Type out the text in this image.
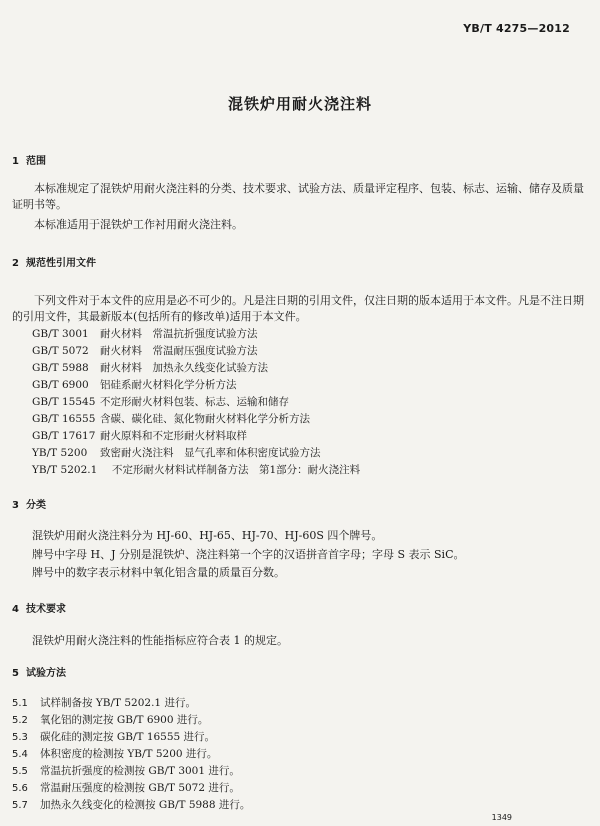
YB/T 4275—2012
混铁炉用耐火浇注料
1 范围
本标准规定了混铁炉用耐火浇注料的分类、技术要求、试验方法、质量评定程序、包装、标志、运输、储存及质量证明书等。
本标准适用于混铁炉工作衬用耐火浇注料。
2 规范性引用文件
下列文件对于本文件的应用是必不可少的。凡是注日期的引用文件，仅注日期的版本适用于本文件。凡是不注日期的引用文件，其最新版本(包括所有的修改单)适用于本文件。
GB/T 3001 耐火材料　常温抗折强度试验方法
GB/T 5072 耐火材料　常温耐压强度试验方法
GB/T 5988 耐火材料　加热永久线变化试验方法
GB/T 6900 铝硅系耐火材料化学分析方法
GB/T 15545 不定形耐火材料包装、标志、运输和储存
GB/T 16555 含碳、碳化硅、氮化物耐火材料化学分析方法
GB/T 17617 耐火原料和不定形耐火材料取样
YB/T 5200 致密耐火浇注料　显气孔率和体积密度试验方法
YB/T 5202.1 不定形耐火材料试样制备方法　第1部分：耐火浇注料
3 分类
混铁炉用耐火浇注料分为 HJ-60、HJ-65、HJ-70、HJ-60S 四个牌号。
牌号中字母 H、J 分别是混铁炉、浇注料第一个字的汉语拼音首字母；字母 S 表示 SiC。
牌号中的数字表示材料中氧化铝含量的质量百分数。
4 技术要求
混铁炉用耐火浇注料的性能指标应符合表 1 的规定。
5 试验方法
5.1 试样制备按 YB/T 5202.1 进行。
5.2 氧化铝的测定按 GB/T 6900 进行。
5.3 碳化硅的测定按 GB/T 16555 进行。
5.4 体积密度的检测按 YB/T 5200 进行。
5.5 常温抗折强度的检测按 GB/T 3001 进行。
5.6 常温耐压强度的检测按 GB/T 5072 进行。
5.7 加热永久线变化的检测按 GB/T 5988 进行。
1349
